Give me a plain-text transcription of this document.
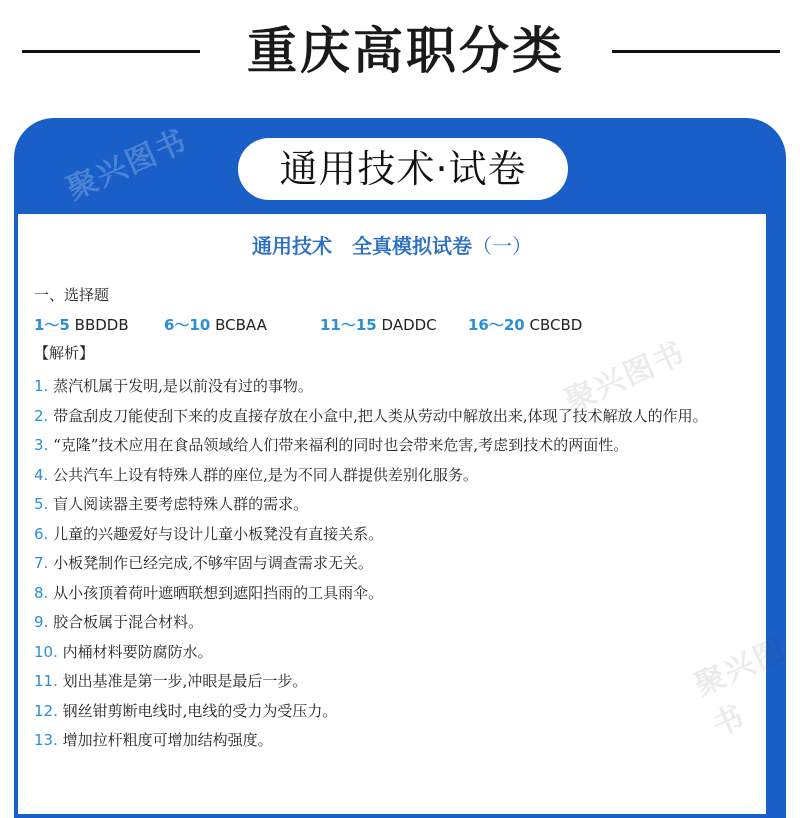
重庆高职分类
聚兴图书	通用技术·试卷
聚兴图书
聚兴图书
通用技术　全真模拟试卷（一）
一、选择题
1～5 BBDDB 6～10 BCBAA	11～15 DADDC 16～20 CBCBD
【解析】
1. 蒸汽机属于发明,是以前没有过的事物。
2. 带盒刮皮刀能使刮下来的皮直接存放在小盒中,把人类从劳动中解放出来,体现了技术解放人的作用。
3. “克隆”技术应用在食品领域给人们带来福利的同时也会带来危害,考虑到技术的两面性。
4. 公共汽车上设有特殊人群的座位,是为不同人群提供差别化服务。
5. 盲人阅读器主要考虑特殊人群的需求。
6. 儿童的兴趣爱好与设计儿童小板凳没有直接关系。
7. 小板凳制作已经完成,不够牢固与调查需求无关。
8. 从小孩顶着荷叶遮晒联想到遮阳挡雨的工具雨伞。
9. 胶合板属于混合材料。
10. 内桶材料要防腐防水。
11. 划出基准是第一步,冲眼是最后一步。
12. 钢丝钳剪断电线时,电线的受力为受压力。
13. 增加拉杆粗度可增加结构强度。
